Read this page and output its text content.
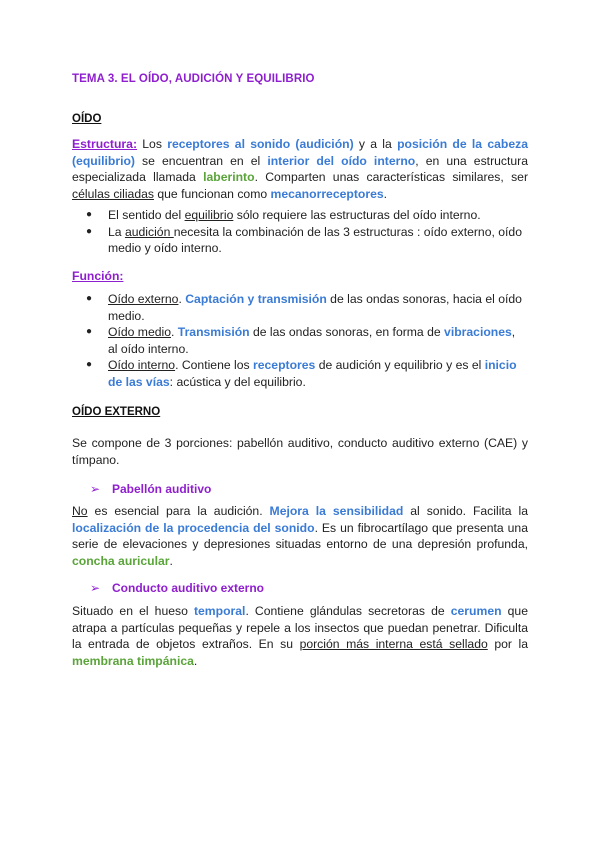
TEMA 3. EL OÍDO, AUDICIÓN Y EQUILIBRIO
OÍDO
Estructura: Los receptores al sonido (audición) y a la posición de la cabeza (equilibrio) se encuentran en el interior del oído interno, en una estructura especializada llamada laberinto. Comparten unas características similares, ser células ciliadas que funcionan como mecanorreceptores.
● El sentido del equilibrio sólo requiere las estructuras del oído interno.
● La audición necesita la combinación de las 3 estructuras : oído externo, oído medio y oído interno.
Función:
● Oído externo. Captación y transmisión de las ondas sonoras, hacia el oído medio.
● Oído medio. Transmisión de las ondas sonoras, en forma de vibraciones, al oído interno.
● Oído interno. Contiene los receptores de audición y equilibrio y es el inicio de las vías: acústica y del equilibrio.
OÍDO EXTERNO
Se compone de 3 porciones: pabellón auditivo, conducto auditivo externo (CAE) y tímpano.
➢ Pabellón auditivo
No es esencial para la audición. Mejora la sensibilidad al sonido. Facilita la localización de la procedencia del sonido. Es un fibrocartílago que presenta una serie de elevaciones y depresiones situadas entorno de una depresión profunda, concha auricular.
➢ Conducto auditivo externo
Situado en el hueso temporal. Contiene glándulas secretoras de cerumen que atrapa a partículas pequeñas y repele a los insectos que puedan penetrar. Dificulta la entrada de objetos extraños. En su porción más interna está sellado por la membrana timpánica.
